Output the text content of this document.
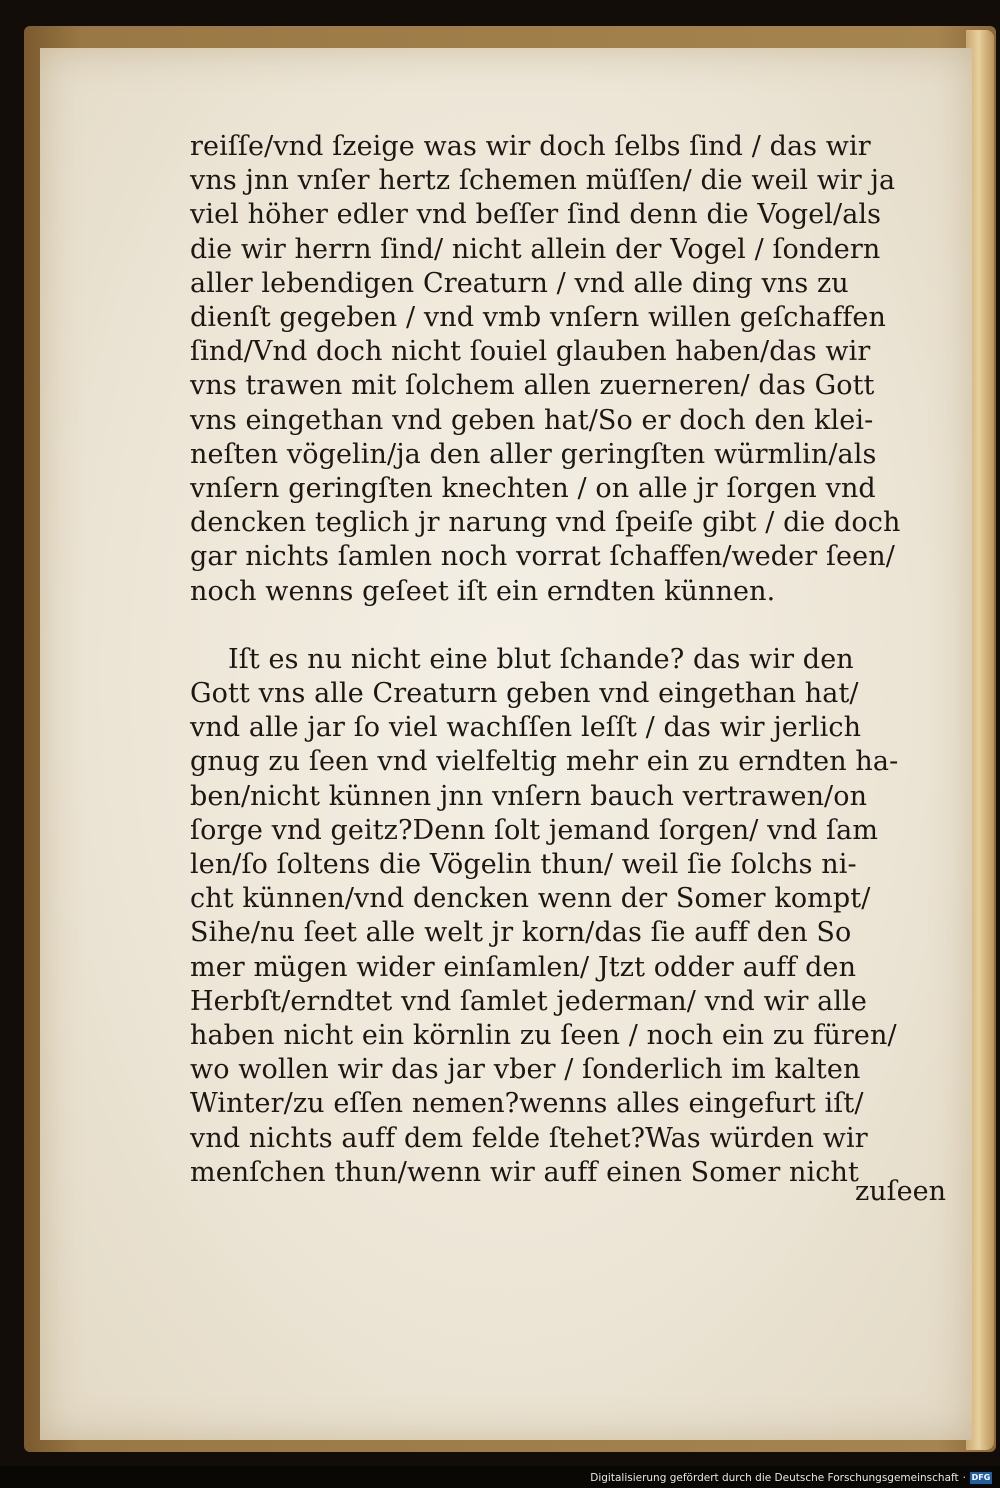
reiſſe/vnd ſzeige was wir doch ſelbs ſind / das wir
vns jnn vnſer hertz ſchemen müſſen/ die weil wir ja
viel höher edler vnd beſſer ſind denn die Vogel/als
die wir herrn ſind/ nicht allein der Vogel / ſondern
aller lebendigen Creaturn / vnd alle ding vns zu
dienſt gegeben / vnd vmb vnſern willen geſchaffen
ſind/Vnd doch nicht ſouiel glauben haben/das wir
vns trawen mit ſolchem allen zuerneren/ das Gott
vns eingethan vnd geben hat/So er doch den klei-
neſten vögelin/ja den aller geringſten würmlin/als
vnſern geringſten knechten / on alle jr ſorgen vnd
dencken teglich jr narung vnd ſpeiſe gibt / die doch
gar nichts ſamlen noch vorrat ſchaffen/weder ſeen/
noch wenns geſeet iſt ein erndten künnen.
Iſt es nu nicht eine blut ſchande? das wir den
Gott vns alle Creaturn geben vnd eingethan hat/
vnd alle jar ſo viel wachſſen leſſt / das wir jerlich
gnug zu ſeen vnd vielfeltig mehr ein zu erndten ha-
ben/nicht künnen jnn vnſern bauch vertrawen/on
ſorge vnd geitz?Denn ſolt jemand ſorgen/ vnd ſam
len/ſo ſoltens die Vögelin thun/ weil ſie ſolchs ni-
cht künnen/vnd dencken wenn der Somer kompt/
Sihe/nu ſeet alle welt jr korn/das ſie auff den So
mer mügen wider einſamlen/ Jtzt odder auff den
Herbſt/erndtet vnd ſamlet jederman/ vnd wir alle
haben nicht ein körnlin zu ſeen / noch ein zu füren/
wo wollen wir das jar vber / ſonderlich im kalten
Winter/zu eſſen nemen?wenns alles eingefurt iſt/
vnd nichts auff dem felde ſtehet?Was würden wir
menſchen thun/wenn wir auff einen Somer nicht
zuſeen
Digitalisierung gefördert durch die Deutsche Forschungsgemeinschaft · DFG
